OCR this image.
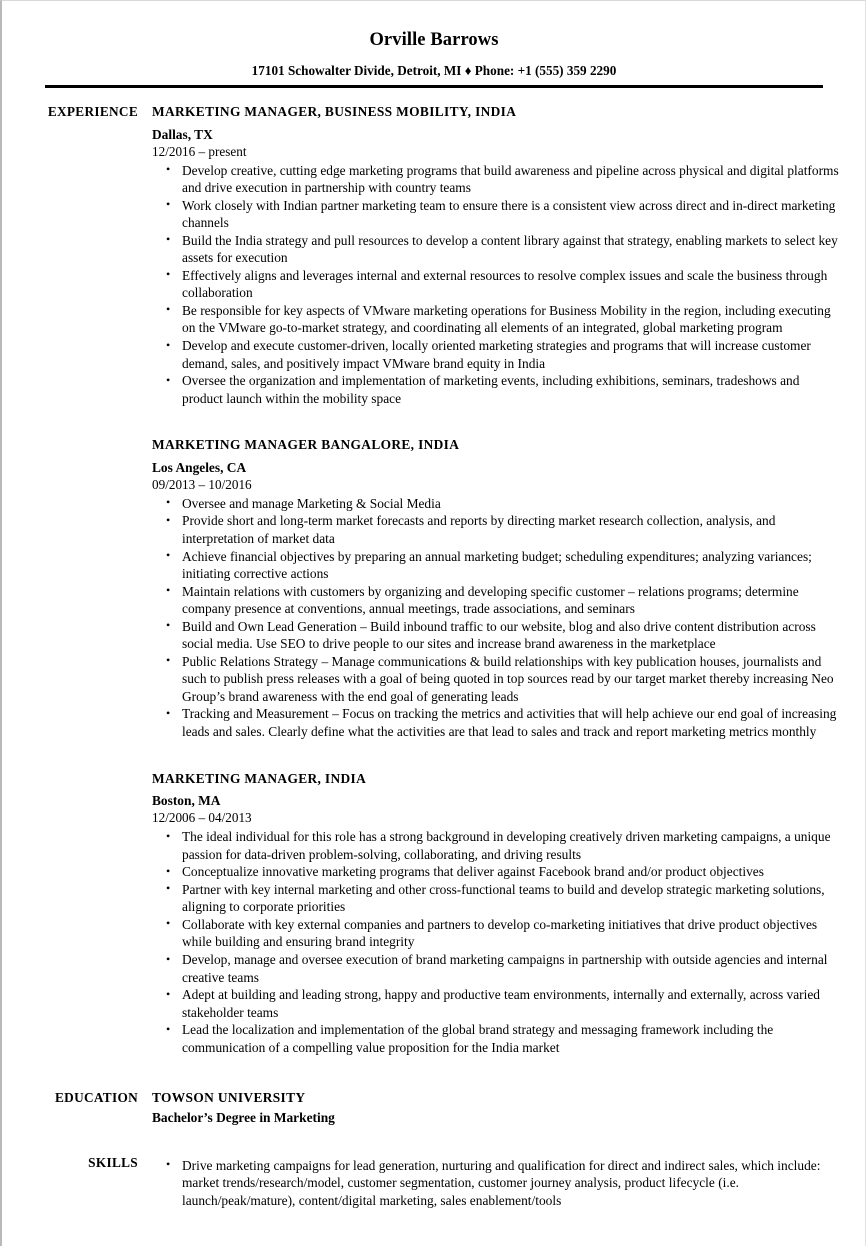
Orville Barrows
17101 Schowalter Divide, Detroit, MI ♦ Phone: +1 (555) 359 2290
EXPERIENCE MARKETING MANAGER, BUSINESS MOBILITY, INDIA
Dallas, TX
12/2016 – present
• Develop creative, cutting edge marketing programs that build awareness and pipeline across physical and digital platforms and drive execution in partnership with country teams
• Work closely with Indian partner marketing team to ensure there is a consistent view across direct and in-direct marketing channels
• Build the India strategy and pull resources to develop a content library against that strategy, enabling markets to select key assets for execution
• Effectively aligns and leverages internal and external resources to resolve complex issues and scale the business through collaboration
• Be responsible for key aspects of VMware marketing operations for Business Mobility in the region, including executing on the VMware go-to-market strategy, and coordinating all elements of an integrated, global marketing program
• Develop and execute customer-driven, locally oriented marketing strategies and programs that will increase customer demand, sales, and positively impact VMware brand equity in India
• Oversee the organization and implementation of marketing events, including exhibitions, seminars, tradeshows and product launch within the mobility space
MARKETING MANAGER BANGALORE, INDIA
Los Angeles, CA
09/2013 – 10/2016
• Oversee and manage Marketing & Social Media
• Provide short and long-term market forecasts and reports by directing market research collection, analysis, and interpretation of market data
• Achieve financial objectives by preparing an annual marketing budget; scheduling expenditures; analyzing variances; initiating corrective actions
• Maintain relations with customers by organizing and developing specific customer – relations programs; determine company presence at conventions, annual meetings, trade associations, and seminars
• Build and Own Lead Generation – Build inbound traffic to our website, blog and also drive content distribution across social media. Use SEO to drive people to our sites and increase brand awareness in the marketplace
• Public Relations Strategy – Manage communications & build relationships with key publication houses, journalists and such to publish press releases with a goal of being quoted in top sources read by our target market thereby increasing Neo Group’s brand awareness with the end goal of generating leads
• Tracking and Measurement – Focus on tracking the metrics and activities that will help achieve our end goal of increasing leads and sales. Clearly define what the activities are that lead to sales and track and report marketing metrics monthly
MARKETING MANAGER, INDIA
Boston, MA
12/2006 – 04/2013
• The ideal individual for this role has a strong background in developing creatively driven marketing campaigns, a unique passion for data-driven problem-solving, collaborating, and driving results
• Conceptualize innovative marketing programs that deliver against Facebook brand and/or product objectives
• Partner with key internal marketing and other cross-functional teams to build and develop strategic marketing solutions, aligning to corporate priorities
• Collaborate with key external companies and partners to develop co-marketing initiatives that drive product objectives while building and ensuring brand integrity
• Develop, manage and oversee execution of brand marketing campaigns in partnership with outside agencies and internal creative teams
• Adept at building and leading strong, happy and productive team environments, internally and externally, across varied stakeholder teams
• Lead the localization and implementation of the global brand strategy and messaging framework including the communication of a compelling value proposition for the India market
EDUCATION TOWSON UNIVERSITY
Bachelor’s Degree in Marketing
SKILLS	• Drive marketing campaigns for lead generation, nurturing and qualification for direct and indirect sales, which include: market trends/research/model, customer segmentation, customer journey analysis, product lifecycle (i.e. launch/peak/mature), content/digital marketing, sales enablement/tools
